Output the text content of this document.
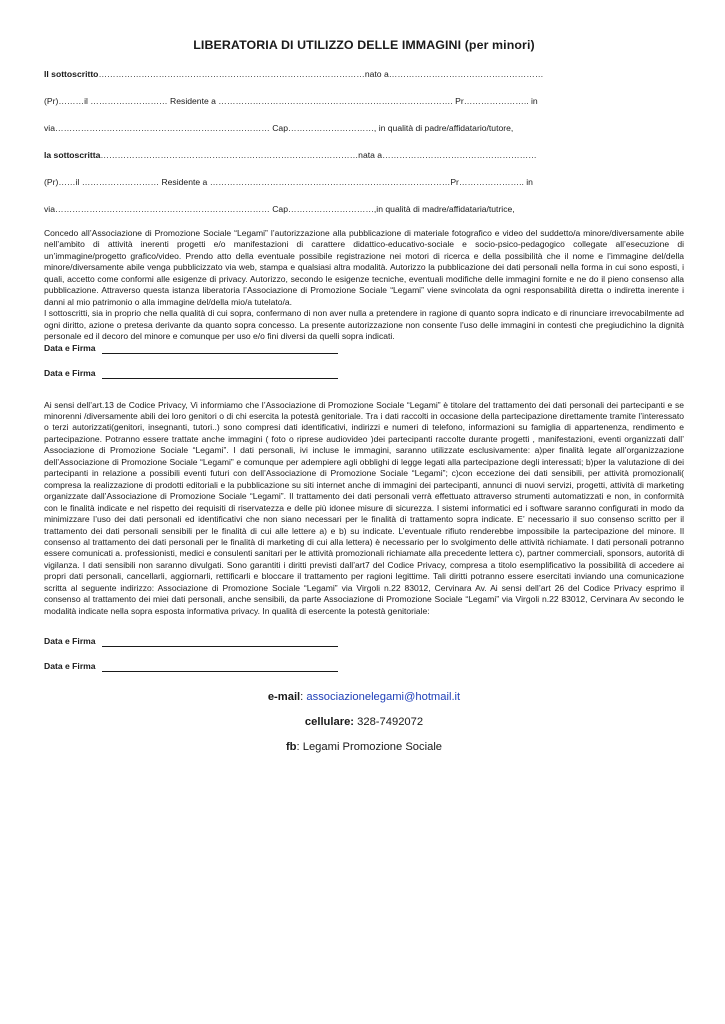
LIBERATORIA DI UTILIZZO DELLE IMMAGINI (per minori)
Il sottoscritto…………………………………………………………………………………nato a………………………………………………
(Pr)………il ……………………… Residente a ………………………………………………………………………. Pr………………….. in
via………………………………………………………………… Cap…………………………, in qualità di padre/affidatario/tutore,
la sottoscritta………………………………………………………………………………nata a………………………………………………
(Pr)……il ……………………… Residente a …………………………………………………………………………Pr………………….. in
via………………………………………………………………… Cap…………………………,in qualità di madre/affidataria/tutrice,

Concedo all’Associazione di Promozione Sociale “Legami” l’autorizzazione alla pubblicazione di materiale fotografico e video del suddetto/a minore/diversamente abile nell’ambito di attività inerenti progetti e/o manifestazioni di carattere didattico-educativo-sociale e socio-psico-pedagogico collegate all’esecuzione di un’immagine/progetto grafico/video. Prendo atto della eventuale possibile registrazione nei motori di ricerca e della possibilità che il nome e l’immagine del/della minore/diversamente abile venga pubblicizzato via web, stampa e qualsiasi altra modalità. Autorizzo la pubblicazione dei dati personali nella forma in cui sono esposti, i quali, accetto come conformi alle esigenze di privacy. Autorizzo, secondo le esigenze tecniche, eventuali modifiche delle immagini fornite e ne do il pieno consenso alla pubblicazione. Attraverso questa istanza liberatoria l’Associazione di Promozione Sociale “Legami” viene svincolata da ogni responsabilità diretta o indiretta inerente i danni al mio patrimonio o alla immagine del/della mio/a tutelato/a.

I sottoscritti, sia in proprio che nella qualità di cui sopra, confermano di non aver nulla a pretendere in ragione di quanto sopra indicato e di rinunciare irrevocabilmente ad ogni diritto, azione o pretesa derivante da quanto sopra concesso. La presente autorizzazione non consente l’uso delle immagini in contesti che pregiudichino la dignità personale ed il decoro del minore e comunque per uso e/o fini diversi da quelli sopra indicati.

Data e Firma
Data e Firma

Ai sensi dell’art.13 de Codice Privacy, Vi informiamo che l’Associazione di Promozione Sociale “Legami” è titolare del trattamento dei dati personali dei partecipanti e se minorenni /diversamente abili dei loro genitori o di chi esercita la potestà genitoriale. Tra i dati raccolti in occasione della partecipazione direttamente tramite l’interessato o terzi autorizzati(genitori, insegnanti, tutori..) sono compresi dati identificativi, indirizzi e numeri di telefono, informazioni su famiglia di appartenenza, rendimento e partecipazione. Potranno essere trattate anche immagini ( foto o riprese audiovideo )dei partecipanti raccolte durante progetti , manifestazioni, eventi organizzati dall’ Associazione di Promozione Sociale “Legami”. I dati personali, ivi incluse le immagini, saranno utilizzate esclusivamente: a)per finalità legate all’organizzazione dell’Associazione di Promozione Sociale “Legami” e comunque per adempiere agli obblighi di legge legati alla partecipazione degli interessati; b)per la valutazione di dei partecipanti in relazione a possibili eventi futuri con dell’Associazione di Promozione Sociale “Legami”; c)con eccezione dei dati sensibili, per attività promozionali( compresa la realizzazione di prodotti editoriali e la pubblicazione su siti internet anche di immagini dei partecipanti, annunci di nuovi servizi, progetti, attività di marketing organizzate dall’Associazione di Promozione Sociale “Legami”. Il trattamento dei dati personali verrà effettuato attraverso strumenti automatizzati e non, in conformità con le finalità indicate e nel rispetto dei requisiti di riservatezza e delle più idonee misure di sicurezza. I sistemi informatici ed i software saranno configurati in modo da minimizzare l’uso dei dati personali ed identificativi che non siano necessari per le finalità di trattamento sopra indicate. E’ necessario il suo consenso scritto per il trattamento dei dati personali sensibili per le finalità di cui alle lettere a) e b) su indicate. L’eventuale rifiuto renderebbe impossibile la partecipazione del minore. Il consenso al trattamento dei dati personali per le finalità di marketing di cui alla lettera) è necessario per lo svolgimento delle attività richiamate. I dati personali potranno essere comunicati a. professionisti, medici e consulenti sanitari per le attività promozionali richiamate alla precedente lettera c), partner commerciali, sponsors, autorità di vigilanza. I dati sensibili non saranno divulgati. Sono garantiti i diritti previsti dall’art7 del Codice Privacy, compresa a titolo esemplificativo la possibilità di accedere ai propri dati personali, cancellarli, aggiornarli, rettificarli e bloccare il trattamento per ragioni legittime. Tali diritti potranno essere esercitati inviando una comunicazione scritta al seguente indirizzo: Associazione di Promozione Sociale “Legami” via Virgoli n.22 83012, Cervinara Av. Ai sensi dell’art 26 del Codice Privacy esprimo il consenso al trattamento dei miei dati personali, anche sensibili, da parte Associazione di Promozione Sociale “Legami” via Virgoli n.22 83012, Cervinara Av secondo le modalità indicate nella sopra esposta informativa privacy. In qualità di esercente la potestà genitoriale:

Data e Firma
Data e Firma

e-mail: associazionelegami@hotmail.it

cellulare: 328-7492072

fb: Legami Promozione Sociale
